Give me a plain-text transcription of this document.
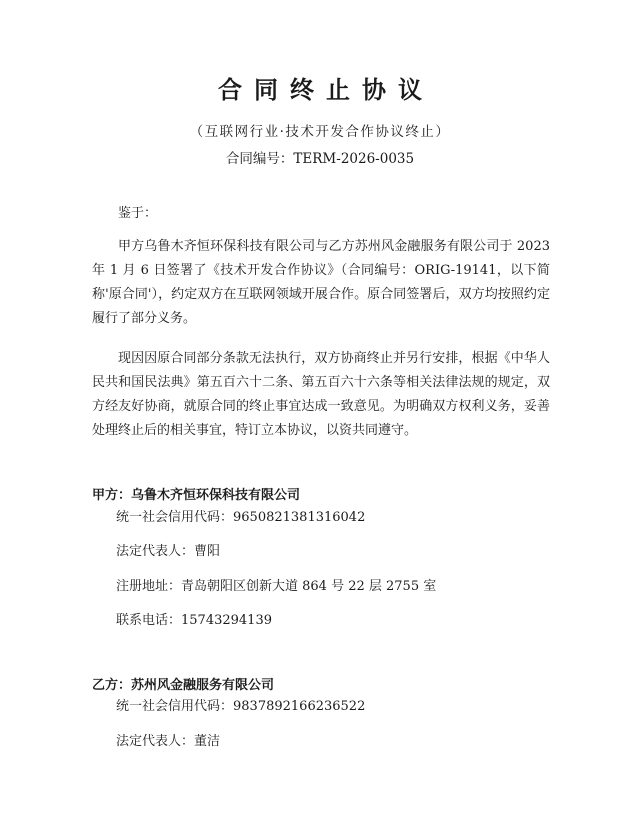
合同终止协议
（互联网行业·技术开发合作协议终止）
合同编号：TERM-2026-0035

鉴于：

甲方乌鲁木齐恒环保科技有限公司与乙方苏州风金融服务有限公司于 2023 年 1 月 6 日签署了《技术开发合作协议》（合同编号：ORIG-19141，以下简称'原合同'），约定双方在互联网领域开展合作。原合同签署后，双方均按照约定履行了部分义务。

现因因原合同部分条款无法执行，双方协商终止并另行安排，根据《中华人民共和国民法典》第五百六十二条、第五百六十六条等相关法律法规的规定，双方经友好协商，就原合同的终止事宜达成一致意见。为明确双方权利义务，妥善处理终止后的相关事宜，特订立本协议，以资共同遵守。

甲方：乌鲁木齐恒环保科技有限公司
统一社会信用代码：9650821381316042
法定代表人：曹阳
注册地址：青岛朝阳区创新大道 864 号 22 层 2755 室
联系电话：15743294139
乙方：苏州风金融服务有限公司
统一社会信用代码：9837892166236522
法定代表人：董洁
